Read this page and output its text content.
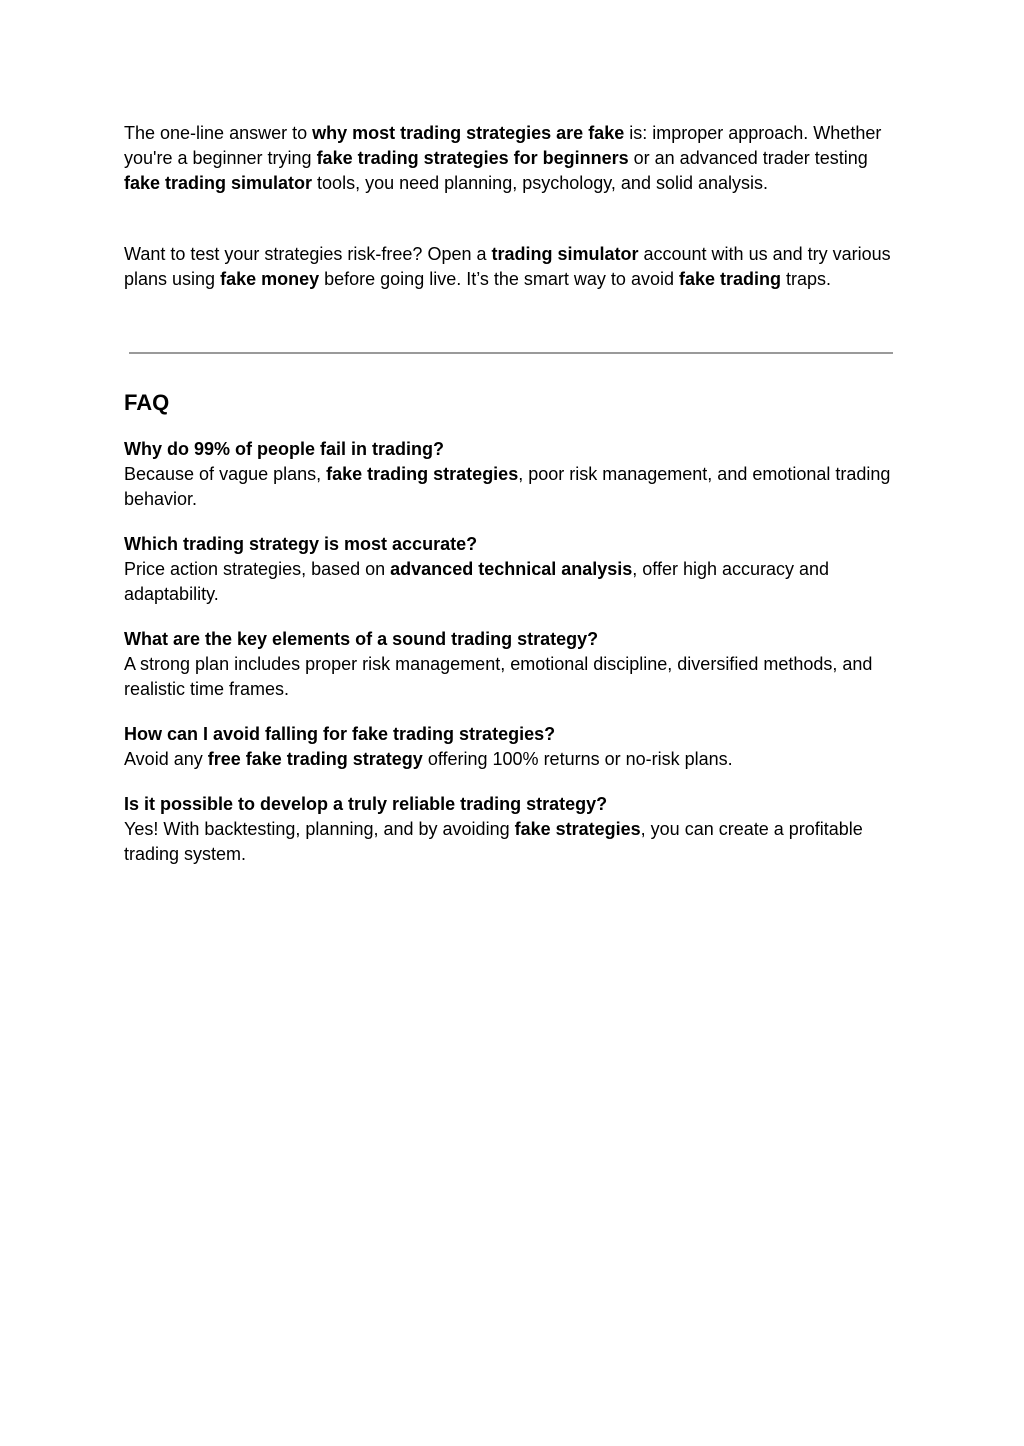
The one-line answer to why most trading strategies are fake is: improper approach. Whether you're a beginner trying fake trading strategies for beginners or an advanced trader testing fake trading simulator tools, you need planning, psychology, and solid analysis.

Want to test your strategies risk-free? Open a trading simulator account with us and try various plans using fake money before going live. It’s the smart way to avoid fake trading traps.

FAQ

Why do 99% of people fail in trading?

Because of vague plans, fake trading strategies, poor risk management, and emotional trading behavior.

Which trading strategy is most accurate?

Price action strategies, based on advanced technical analysis, offer high accuracy and adaptability.

What are the key elements of a sound trading strategy?

A strong plan includes proper risk management, emotional discipline, diversified methods, and realistic time frames.

How can I avoid falling for fake trading strategies?

Avoid any free fake trading strategy offering 100% returns or no-risk plans.

Is it possible to develop a truly reliable trading strategy?

Yes! With backtesting, planning, and by avoiding fake strategies, you can create a profitable trading system.
